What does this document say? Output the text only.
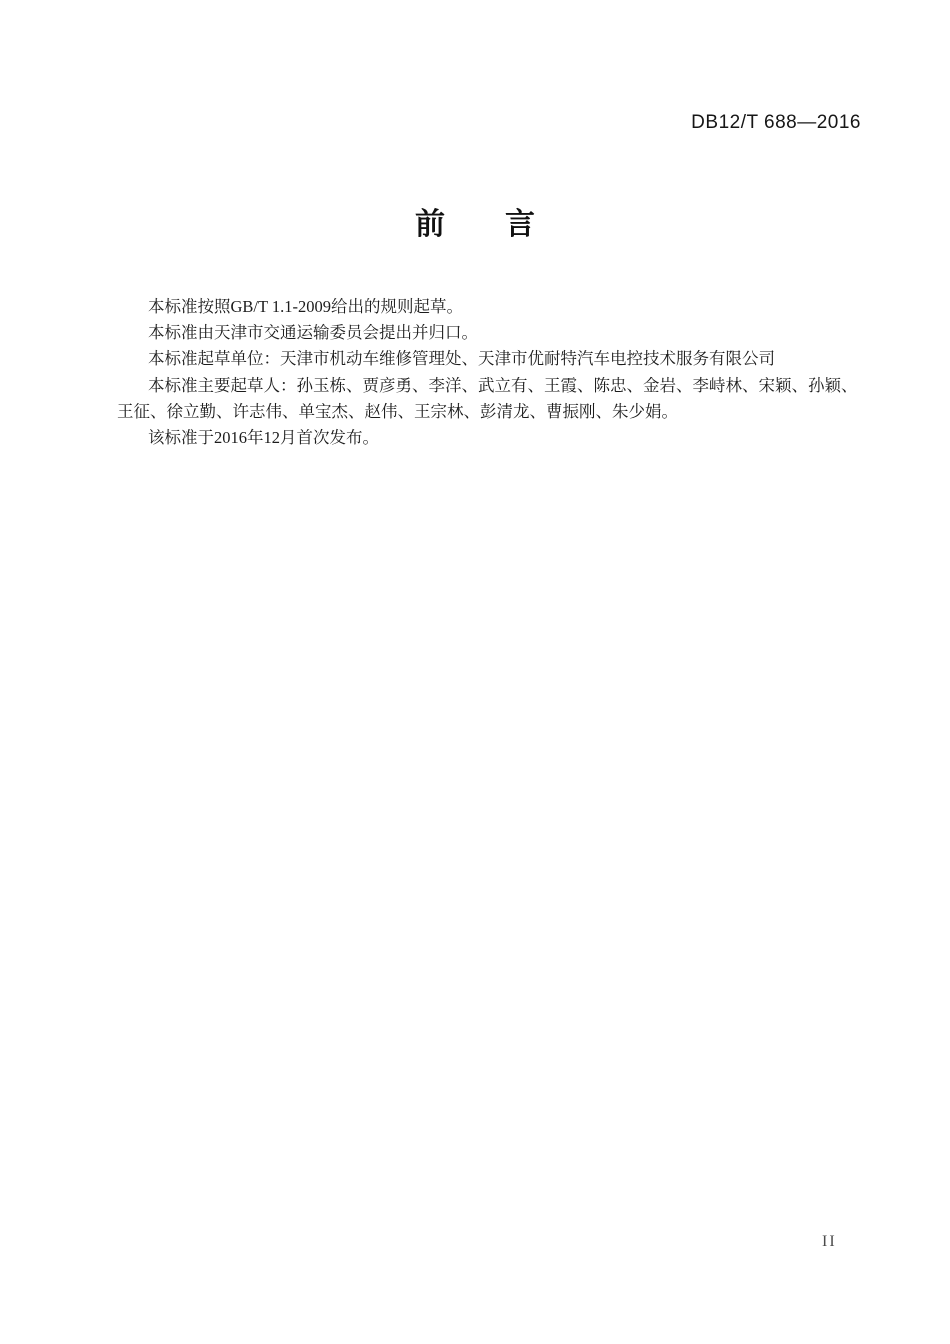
DB12/T 688—2016
前　　言

本标准按照GB/T 1.1-2009给出的规则起草。

本标准由天津市交通运输委员会提出并归口。

本标准起草单位：天津市机动车维修管理处、天津市优耐特汽车电控技术服务有限公司

本标准主要起草人：孙玉栋、贾彦勇、李洋、武立有、王霞、陈忠、金岩、李峙林、宋颖、孙颖、

王征、徐立勤、许志伟、单宝杰、赵伟、王宗林、彭清龙、曹振刚、朱少娟。

该标准于2016年12月首次发布。

II
